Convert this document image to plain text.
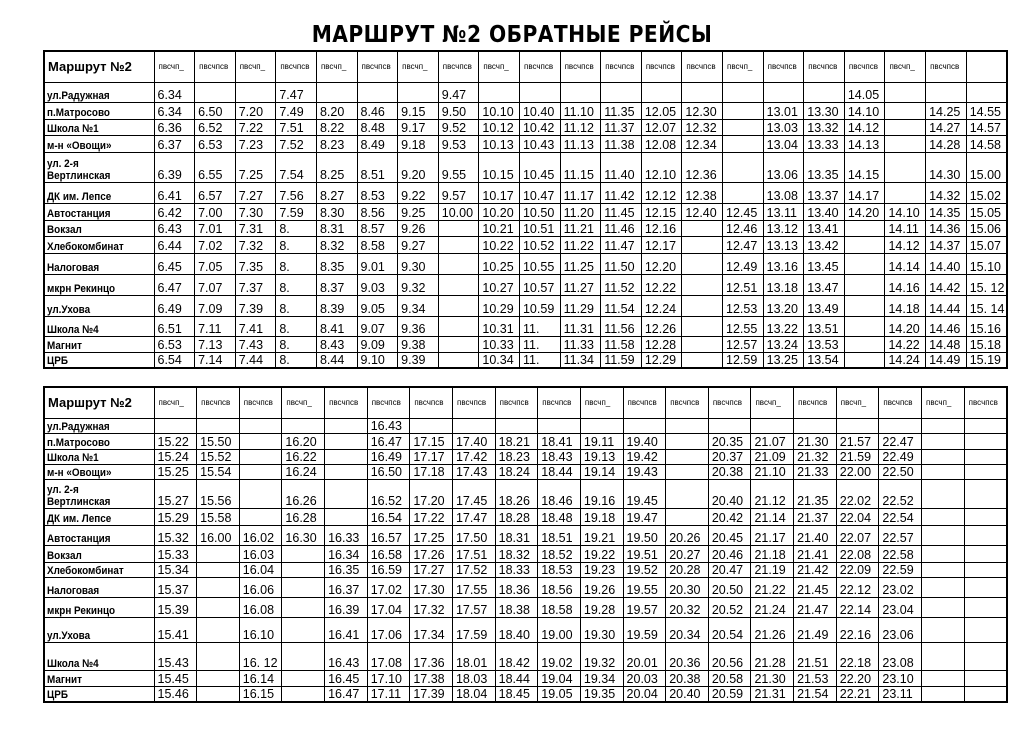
МАРШРУТ №2 ОБРАТНЫЕ РЕЙСЫ
Маршрут №2	пвсчп_	пвсчпсв	пвсчп_	пвсчпсв	пвсчп_	пвсчпсв	пвсчп_	пвсчпсв	пвсчп_	пвсчпсв	пвсчпсв	пвсчпсв	пвсчпсв	пвсчпсв	пвсчп_	пвсчпсв	пвсчпсв	пвсчпсв	пвсчп_	пвсчпсв	
ул.Радужная	6.34			7.47				9.47										14.05			
п.Матросово	6.34	6.50	7.20	7.49	8.20	8.46	9.15	9.50	10.10	10.40	11.10	11.35	12.05	12.30		13.01	13.30	14.10		14.25	14.55
Школа №1	6.36	6.52	7.22	7.51	8.22	8.48	9.17	9.52	10.12	10.42	11.12	11.37	12.07	12.32		13.03	13.32	14.12		14.27	14.57
м-н «Овощи»	6.37	6.53	7.23	7.52	8.23	8.49	9.18	9.53	10.13	10.43	11.13	11.38	12.08	12.34		13.04	13.33	14.13		14.28	14.58
ул. 2-я Вертлинская	6.39	6.55	7.25	7.54	8.25	8.51	9.20	9.55	10.15	10.45	11.15	11.40	12.10	12.36		13.06	13.35	14.15		14.30	15.00
ДК им. Лепсе	6.41	6.57	7.27	7.56	8.27	8.53	9.22	9.57	10.17	10.47	11.17	11.42	12.12	12.38		13.08	13.37	14.17		14.32	15.02
Автостанция	6.42	7.00	7.30	7.59	8.30	8.56	9.25	10.00	10.20	10.50	11.20	11.45	12.15	12.40	12.45	13.11	13.40	14.20	14.10	14.35	15.05
Вокзал	6.43	7.01	7.31	8.	8.31	8.57	9.26		10.21	10.51	11.21	11.46	12.16		12.46	13.12	13.41		14.11	14.36	15.06
Хлебокомбинат	6.44	7.02	7.32	8.	8.32	8.58	9.27		10.22	10.52	11.22	11.47	12.17		12.47	13.13	13.42		14.12	14.37	15.07
Налоговая	6.45	7.05	7.35	8.	8.35	9.01	9.30		10.25	10.55	11.25	11.50	12.20		12.49	13.16	13.45		14.14	14.40	15.10
мкрн Рекинцо	6.47	7.07	7.37	8.	8.37	9.03	9.32		10.27	10.57	11.27	11.52	12.22		12.51	13.18	13.47		14.16	14.42	15. 12
ул.Ухова	6.49	7.09	7.39	8.	8.39	9.05	9.34		10.29	10.59	11.29	11.54	12.24		12.53	13.20	13.49		14.18	14.44	15. 14
Школа №4	6.51	7.11	7.41	8.	8.41	9.07	9.36		10.31	11.	11.31	11.56	12.26		12.55	13.22	13.51		14.20	14.46	15.16
Магнит	6.53	7.13	7.43	8.	8.43	9.09	9.38		10.33	11.	11.33	11.58	12.28		12.57	13.24	13.53		14.22	14.48	15.18
ЦРБ	6.54	7.14	7.44	8.	8.44	9.10	9.39		10.34	11.	11.34	11.59	12.29		12.59	13.25	13.54		14.24	14.49	15.19
Маршрут №2	пвсчп_	пвсчпсв	пвсчпсв	пвсчп_	пвсчпсв	пвсчпсв	пвсчпсв	пвсчпсв	пвсчпсв	пвсчпсв	пвсчп_	пвсчпсв	пвсчпсв	пвсчпсв	пвсчп_	пвсчпсв	пвсчп_	пвсчпсв	пвсчп_	пвсчпсв
ул.Радужная						16.43														
п.Матросово	15.22	15.50		16.20		16.47	17.15	17.40	18.21	18.41	19.11	19.40		20.35	21.07	21.30	21.57	22.47		
Школа №1	15.24	15.52		16.22		16.49	17.17	17.42	18.23	18.43	19.13	19.42		20.37	21.09	21.32	21.59	22.49		
м-н «Овощи»	15.25	15.54		16.24		16.50	17.18	17.43	18.24	18.44	19.14	19.43		20.38	21.10	21.33	22.00	22.50		
ул. 2-я Вертлинская	15.27	15.56		16.26		16.52	17.20	17.45	18.26	18.46	19.16	19.45		20.40	21.12	21.35	22.02	22.52		
ДК им. Лепсе	15.29	15.58		16.28		16.54	17.22	17.47	18.28	18.48	19.18	19.47		20.42	21.14	21.37	22.04	22.54		
Автостанция	15.32	16.00	16.02	16.30	16.33	16.57	17.25	17.50	18.31	18.51	19.21	19.50	20.26	20.45	21.17	21.40	22.07	22.57		
Вокзал	15.33		16.03		16.34	16.58	17.26	17.51	18.32	18.52	19.22	19.51	20.27	20.46	21.18	21.41	22.08	22.58		
Хлебокомбинат	15.34		16.04		16.35	16.59	17.27	17.52	18.33	18.53	19.23	19.52	20.28	20.47	21.19	21.42	22.09	22.59		
Налоговая	15.37		16.06		16.37	17.02	17.30	17.55	18.36	18.56	19.26	19.55	20.30	20.50	21.22	21.45	22.12	23.02		
мкрн Рекинцо	15.39		16.08		16.39	17.04	17.32	17.57	18.38	18.58	19.28	19.57	20.32	20.52	21.24	21.47	22.14	23.04		
ул.Ухова	15.41		16.10		16.41	17.06	17.34	17.59	18.40	19.00	19.30	19.59	20.34	20.54	21.26	21.49	22.16	23.06		
Школа №4	15.43		16. 12		16.43	17.08	17.36	18.01	18.42	19.02	19.32	20.01	20.36	20.56	21.28	21.51	22.18	23.08		
Магнит	15.45		16.14		16.45	17.10	17.38	18.03	18.44	19.04	19.34	20.03	20.38	20.58	21.30	21.53	22.20	23.10		
ЦРБ	15.46		16.15		16.47	17.11	17.39	18.04	18.45	19.05	19.35	20.04	20.40	20.59	21.31	21.54	22.21	23.11		
